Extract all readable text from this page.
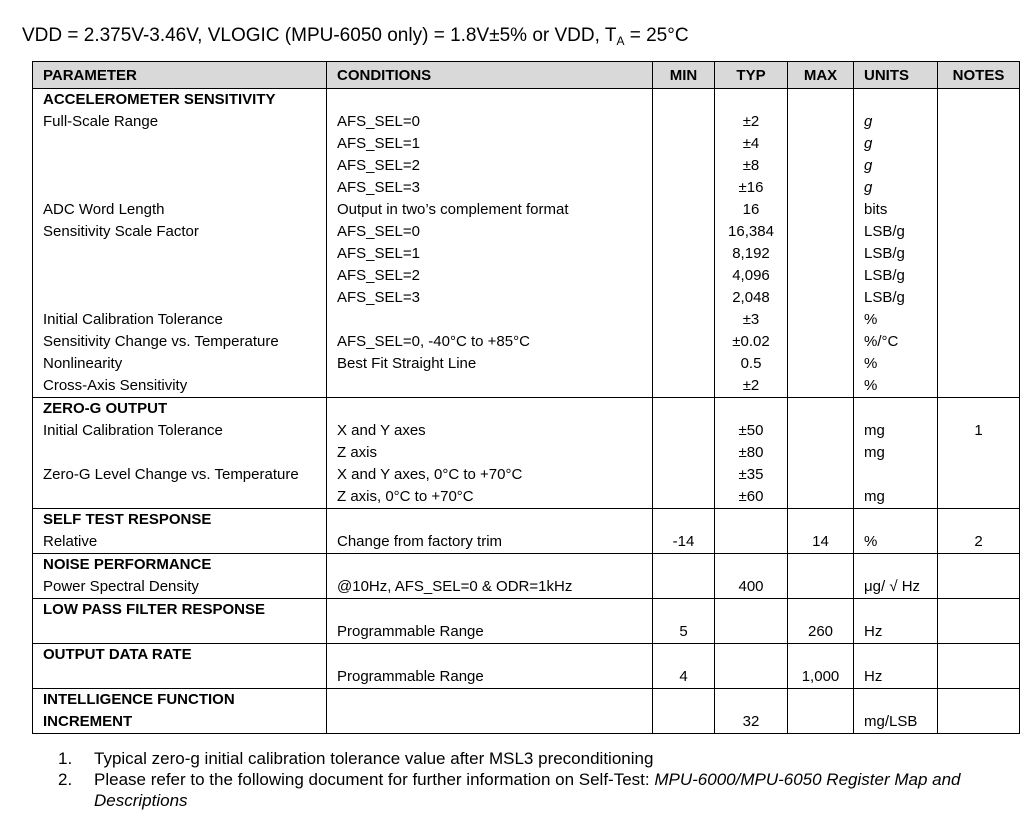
VDD = 2.375V-3.46V, VLOGIC (MPU-6050 only) = 1.8V±5% or VDD, $T_A = 25^\circ C$
PARAMETER	CONDITIONS	MIN	TYP	MAX	UNITS	NOTES
ACCELEROMETER SENSITIVITY						
Full-Scale Range	AFS_SEL=0		±2		g	
	AFS_SEL=1		±4		g	
	AFS_SEL=2		±8		g	
	AFS_SEL=3		±16		g	
ADC Word Length	Output in two’s complement format		16		bits	
Sensitivity Scale Factor	AFS_SEL=0		16,384		LSB/g	
	AFS_SEL=1		8,192		LSB/g	
	AFS_SEL=2		4,096		LSB/g	
	AFS_SEL=3		2,048		LSB/g	
Initial Calibration Tolerance			±3		%	
Sensitivity Change vs. Temperature	AFS_SEL=0, -40°C to +85°C		±0.02		%/°C	
Nonlinearity	Best Fit Straight Line		0.5		%	
Cross-Axis Sensitivity			±2		%	
ZERO-G OUTPUT						
Initial Calibration Tolerance	X and Y axes		±50		mg	1
	Z axis		±80		mg	
Zero-G Level Change vs. Temperature	X and Y axes, 0°C to +70°C		±35			
	Z axis, 0°C to +70°C		±60		mg	
SELF TEST RESPONSE						
Relative	Change from factory trim	-14		14	%	2
NOISE PERFORMANCE						
Power Spectral Density	@10Hz, AFS_SEL=0 & ODR=1kHz		400		μg/ √ Hz	
LOW PASS FILTER RESPONSE						
	Programmable Range	5		260	Hz	
OUTPUT DATA RATE						
	Programmable Range	4		1,000	Hz	
INTELLIGENCE FUNCTION						
INCREMENT			32		mg/LSB	
1.	Typical zero-g initial calibration tolerance value after MSL3 preconditioning
2.	Please refer to the following document for further information on Self-Test: MPU-6000/MPU-6050 Register Map and Descriptions
